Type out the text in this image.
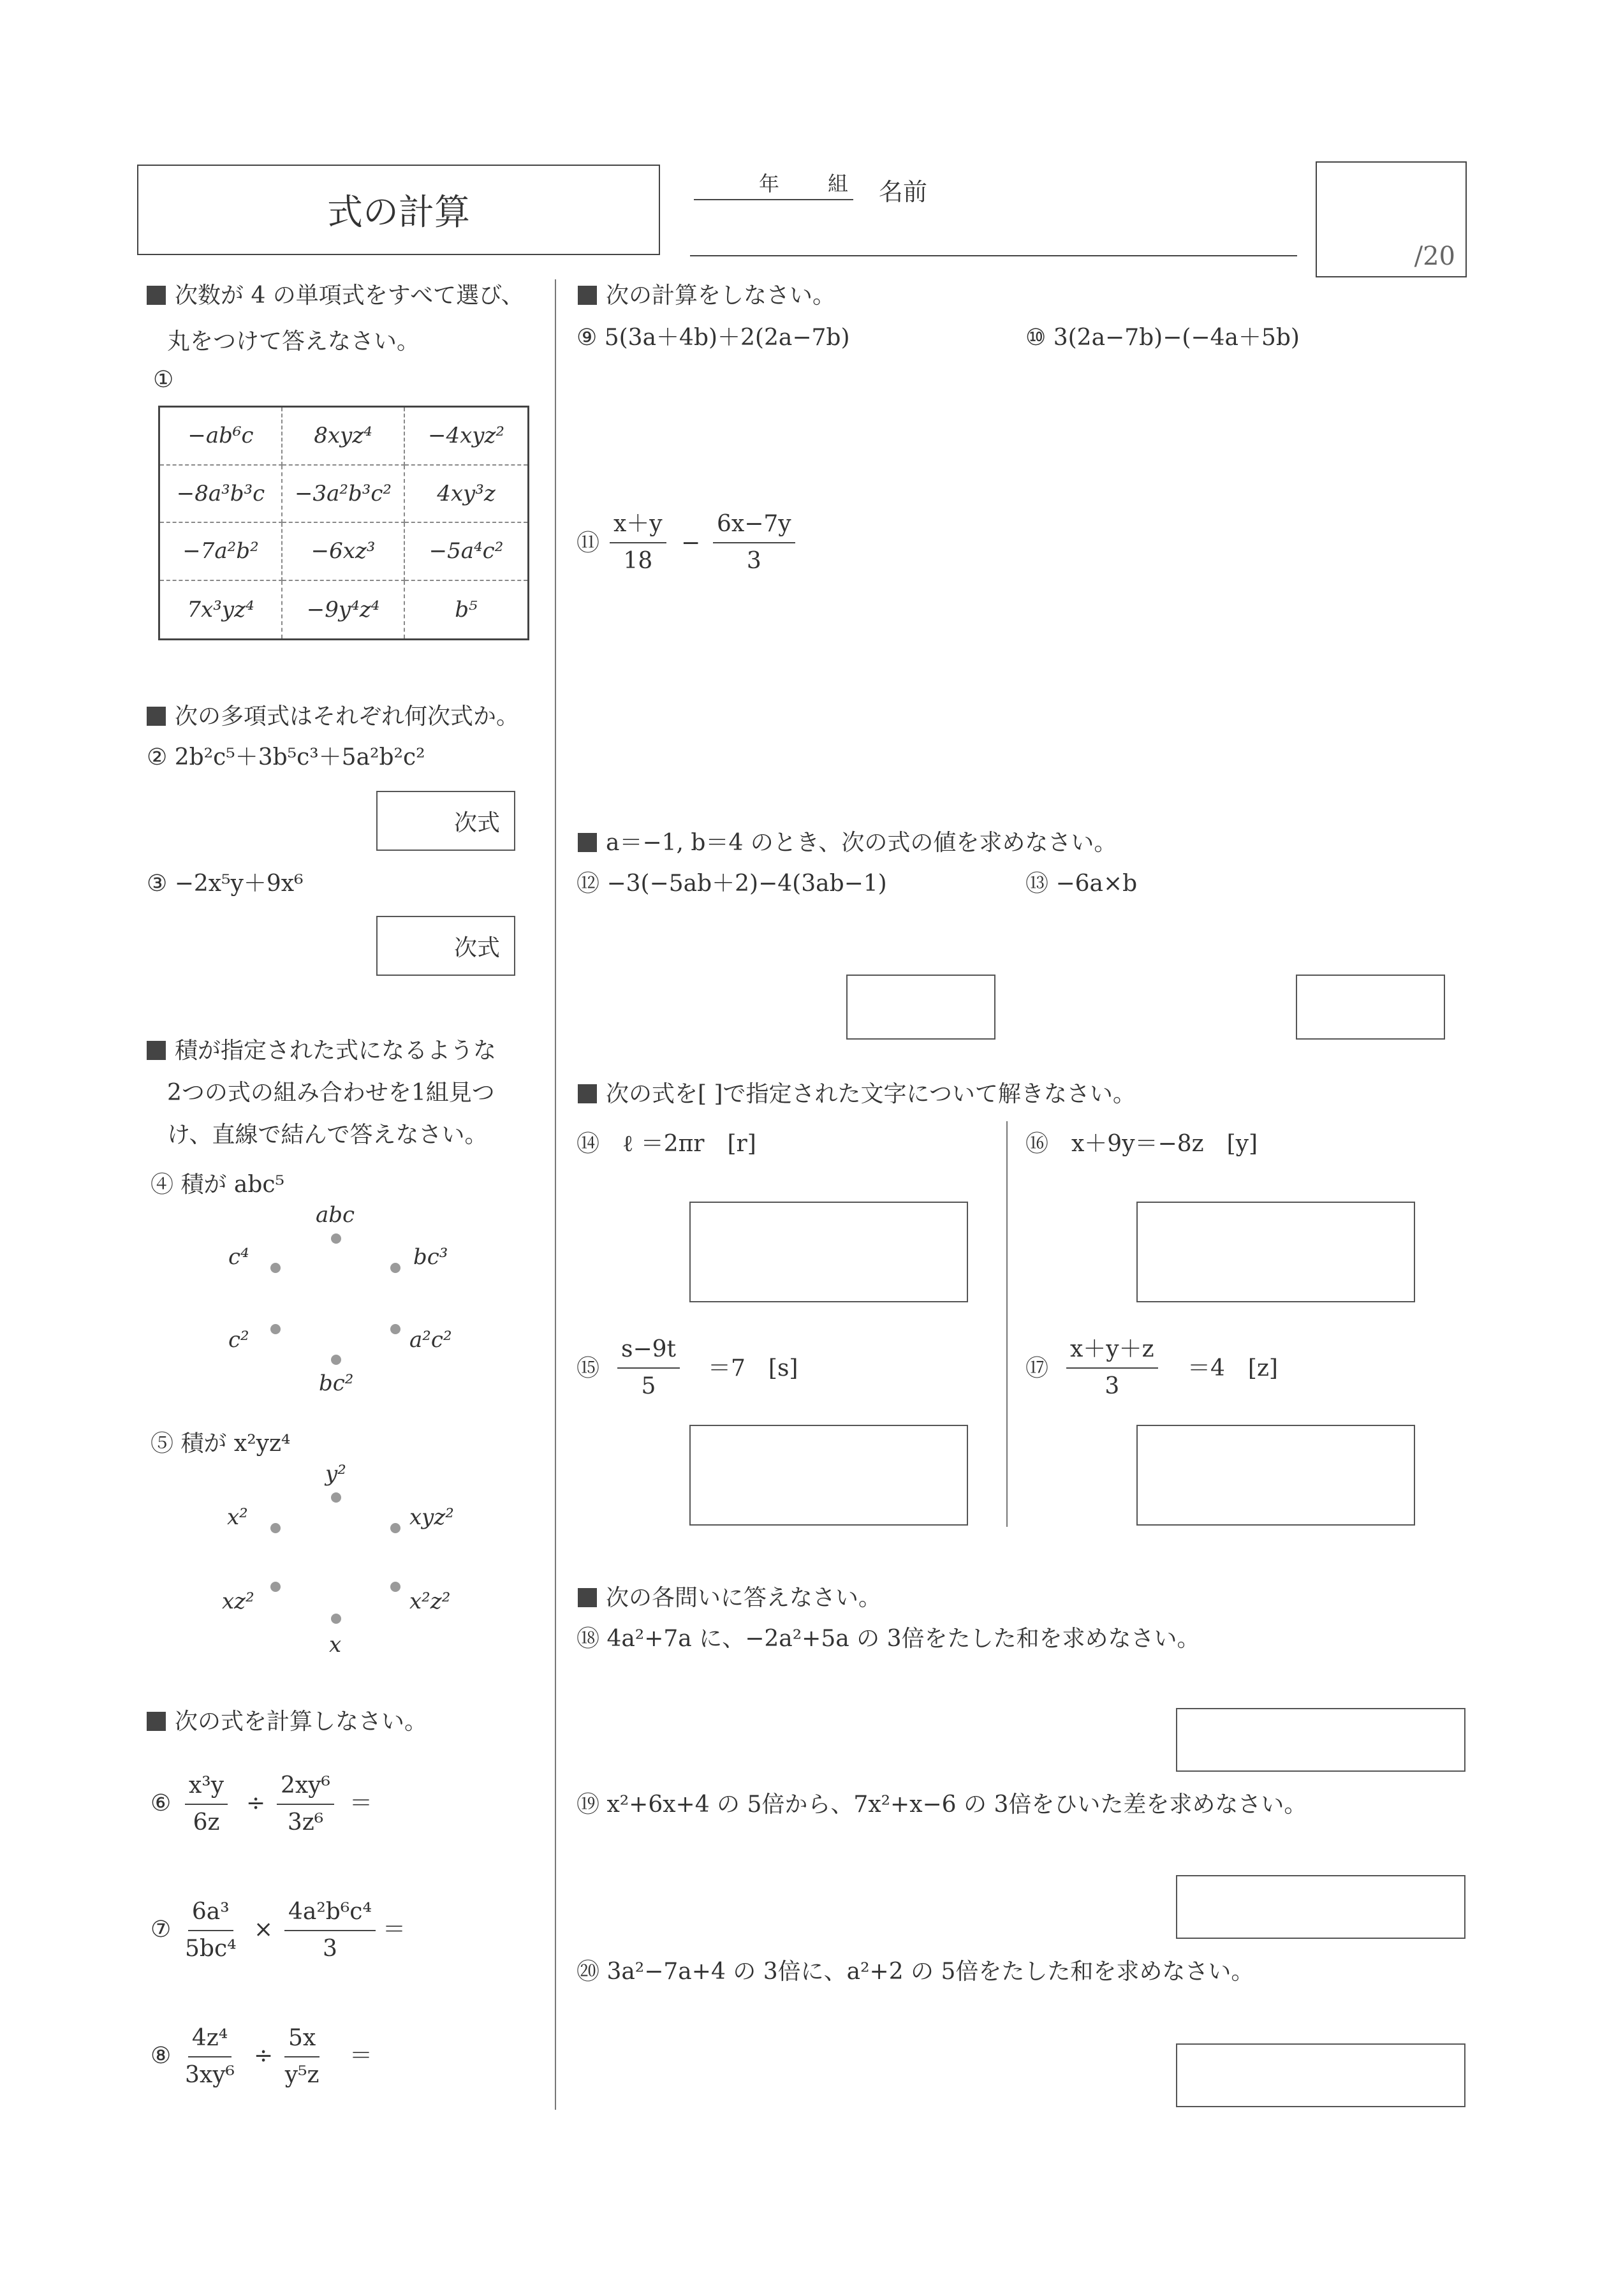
式の計算
年 組 名前
/20
次数が 4 の単項式をすべて選び、
丸をつけて答えなさい。
①
−ab⁶c	8xyz⁴	−4xyz²
−8a³b³c	−3a²b³c²	4xy³z
−7a²b²	−6xz³	−5a⁴c²
7x³yz⁴	−9y⁴z⁴	b⁵
次の多項式はそれぞれ何次式か。
② 2b²c⁵＋3b⁵c³＋5a²b²c²
次式
③ −2x⁵y＋9x⁶
次式
積が指定された式になるような
2つの式の組み合わせを1組見つ
け、直線で結んで答えなさい。
④ 積が abc⁵
abc
c⁴	bc³
c²	a²c²
bc²
⑤ 積が x²yz⁴
y²
x²	xyz²
xz²	x²z²
x
次の式を計算しなさい。
⑥ $\frac{\text{x³y}}{6z} \div \frac{\text{2xy⁶}}{\text{3z⁶}}$ ＝
⑦ $\frac{\text{6a³}}{\text{5bc⁴}} \times \frac{\text{4a²b⁶c⁴}}{3}$ ＝
⑧ $\frac{\text{4z⁴}}{\text{3xy⁶}} \div \frac{5x}{\text{y⁵z}}$ ＝
次の計算をしなさい。
⑨ 5(3a＋4b)＋2(2a−7b)	⑩ 3(2a−7b)−(−4a＋5b)
⑪ $\frac{x+y}{18} - \frac{6x-7y}{3}$
a＝−1, b＝4 のとき、次の式の値を求めなさい。
⑫ −3(−5ab＋2)−4(3ab−1)	⑬ −6a×b
次の式を[ ]で指定された文字について解きなさい。
⑭　ℓ ＝2πr　[r]	⑯　x＋9y＝−8z　[y]
⑮ $\frac{s-9t}{5} =7$　[s]	⑰ $\frac{x+y+z}{3} =4$　[z]
次の各問いに答えなさい。
⑱ 4a²+7a に、−2a²+5a の 3倍をたした和を求めなさい。
⑲ x²+6x+4 の 5倍から、7x²+x−6 の 3倍をひいた差を求めなさい。
⑳ 3a²−7a+4 の 3倍に、a²+2 の 5倍をたした和を求めなさい。
